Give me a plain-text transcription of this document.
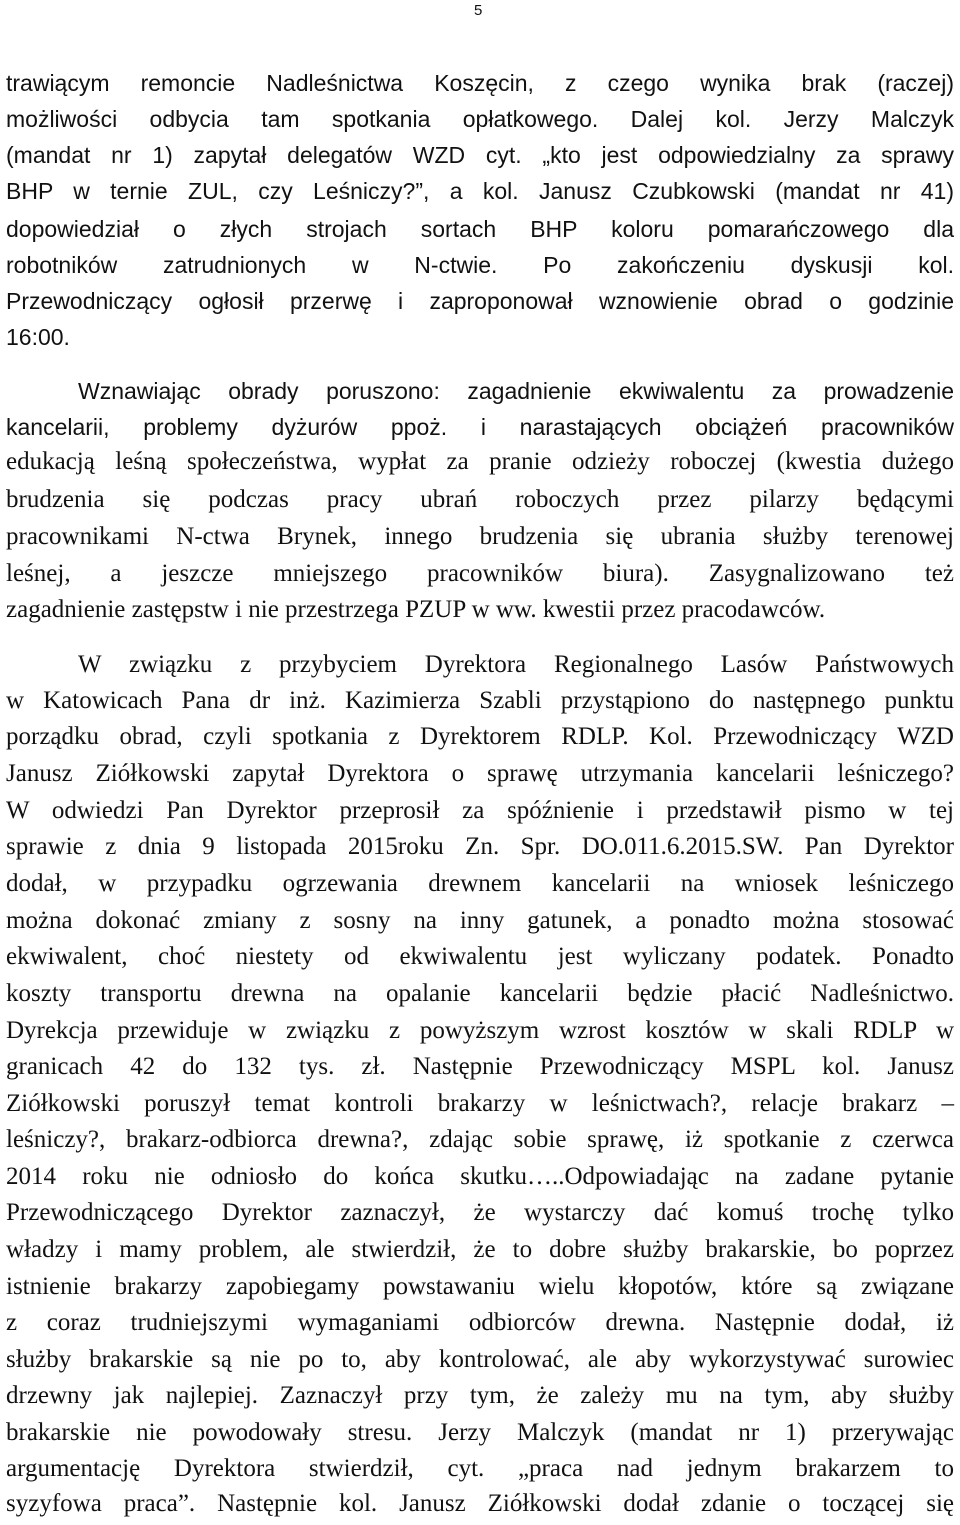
5
trawiącym remoncie Nadleśnictwa Koszęcin, z czego wynika brak (raczej)
możliwości odbycia tam spotkania opłatkowego. Dalej kol. Jerzy Malczyk
(mandat nr 1) zapytał delegatów WZD cyt. „kto jest odpowiedzialny za sprawy
BHP w ternie ZUL, czy Leśniczy?”, a kol. Janusz Czubkowski (mandat nr 41)
dopowiedział o złych strojach sortach BHP koloru pomarańczowego dla
robotników zatrudnionych w N-ctwie. Po zakończeniu dyskusji kol.
Przewodniczący ogłosił przerwę i zaproponował wznowienie obrad o godzinie
16:00.
Wznawiając obrady poruszono: zagadnienie ekwiwalentu za prowadzenie
kancelarii, problemy dyżurów ppoż. i narastających obciążeń pracowników
edukacją leśną społeczeństwa, wypłat za pranie odzieży roboczej (kwestia dużego
brudzenia się podczas pracy ubrań roboczych przez pilarzy będącymi
pracownikami N-ctwa Brynek, innego brudzenia się ubrania służby terenowej
leśnej, a jeszcze mniejszego pracowników biura). Zasygnalizowano też
zagadnienie zastępstw i nie przestrzega PZUP w ww. kwestii przez pracodawców.
W związku z przybyciem Dyrektora Regionalnego Lasów Państwowych
w Katowicach Pana dr inż. Kazimierza Szabli przystąpiono do następnego punktu
porządku obrad, czyli spotkania z Dyrektorem RDLP. Kol. Przewodniczący WZD
Janusz Ziółkowski zapytał Dyrektora o sprawę utrzymania kancelarii leśniczego?
W odwiedzi Pan Dyrektor przeprosił za spóźnienie i przedstawił pismo w tej
sprawie z dnia 9 listopada 2015roku Zn. Spr. DO.011.6.2015.SW. Pan Dyrektor
dodał, w przypadku ogrzewania drewnem kancelarii na wniosek leśniczego
można dokonać zmiany z sosny na inny gatunek, a ponadto można stosować
ekwiwalent, choć niestety od ekwiwalentu jest wyliczany podatek. Ponadto
koszty transportu drewna na opalanie kancelarii będzie płacić Nadleśnictwo.
Dyrekcja przewiduje w związku z powyższym wzrost kosztów w skali RDLP w
granicach 42 do 132 tys. zł. Następnie Przewodniczący MSPL kol. Janusz
Ziółkowski poruszył temat kontroli brakarzy w leśnictwach?, relacje brakarz –
leśniczy?, brakarz-odbiorca drewna?, zdając sobie sprawę, iż spotkanie z czerwca
2014 roku nie odniosło do końca skutku…..Odpowiadając na zadane pytanie
Przewodniczącego Dyrektor zaznaczył, że wystarczy dać komuś trochę tylko
władzy i mamy problem, ale stwierdził, że to dobre służby brakarskie, bo poprzez
istnienie brakarzy zapobiegamy powstawaniu wielu kłopotów, które są związane
z coraz trudniejszymi wymaganiami odbiorców drewna. Następnie dodał, iż
służby brakarskie są nie po to, aby kontrolować, ale aby wykorzystywać surowiec
drzewny jak najlepiej. Zaznaczył przy tym, że zależy mu na tym, aby służby
brakarskie nie powodowały stresu. Jerzy Malczyk (mandat nr 1) przerywając
argumentację Dyrektora stwierdził, cyt. „praca nad jednym brakarzem to
syzyfowa praca”. Następnie kol. Janusz Ziółkowski dodał zdanie o toczącej się
